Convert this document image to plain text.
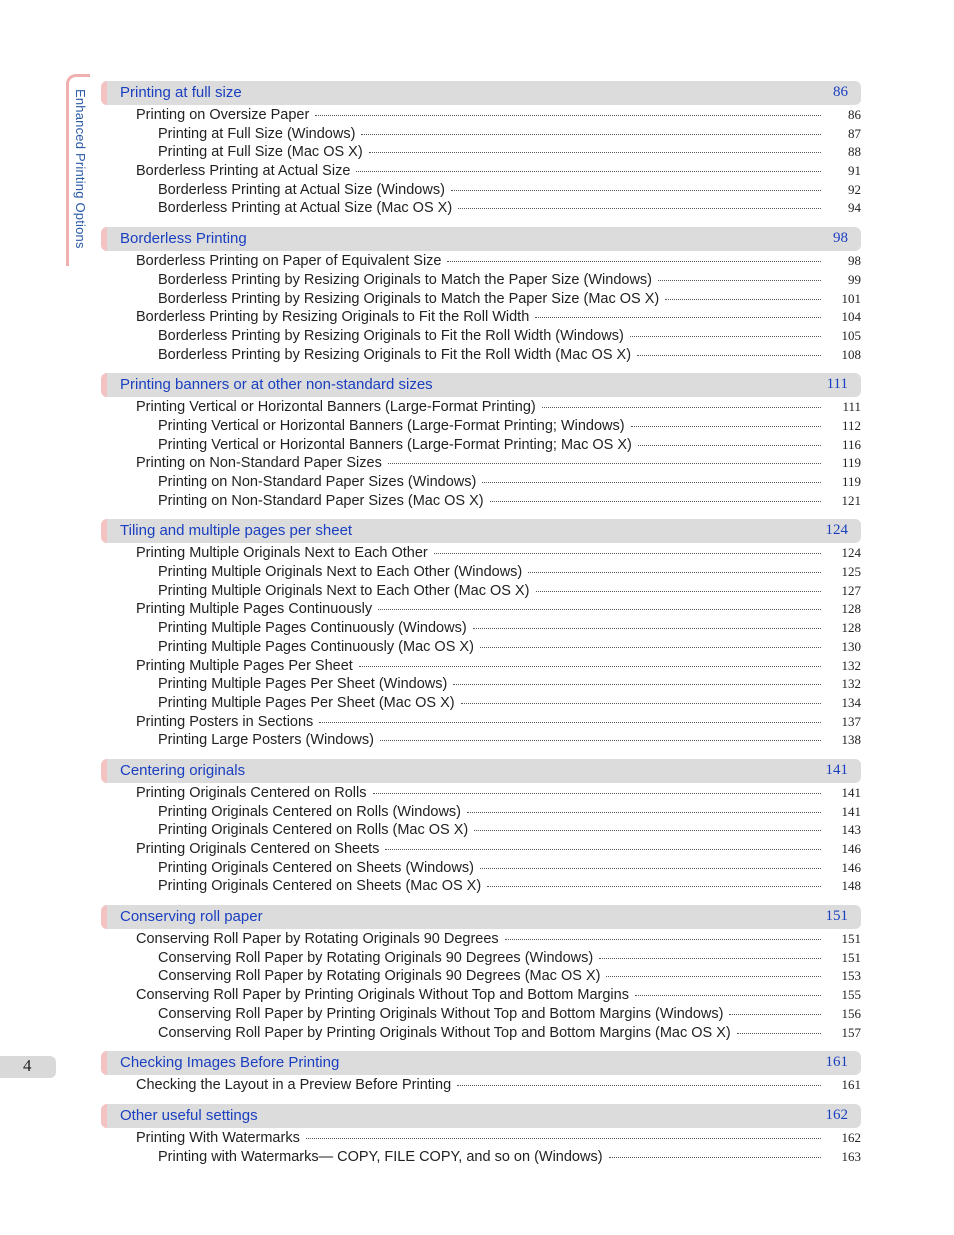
Enhanced Printing Options
4
Printing at full size	86
Printing on Oversize Paper	86
Printing at Full Size (Windows)	87
Printing at Full Size (Mac OS X)	88
Borderless Printing at Actual Size	91
Borderless Printing at Actual Size (Windows)	92
Borderless Printing at Actual Size (Mac OS X)	94
Borderless Printing	98
Borderless Printing on Paper of Equivalent Size	98
Borderless Printing by Resizing Originals to Match the Paper Size (Windows)	99
Borderless Printing by Resizing Originals to Match the Paper Size (Mac OS X)	101
Borderless Printing by Resizing Originals to Fit the Roll Width	104
Borderless Printing by Resizing Originals to Fit the Roll Width (Windows)	105
Borderless Printing by Resizing Originals to Fit the Roll Width (Mac OS X)	108
Printing banners or at other non-standard sizes	111
Printing Vertical or Horizontal Banners (Large-Format Printing)	111
Printing Vertical or Horizontal Banners (Large-Format Printing; Windows)	112
Printing Vertical or Horizontal Banners (Large-Format Printing; Mac OS X)	116
Printing on Non-Standard Paper Sizes	119
Printing on Non-Standard Paper Sizes (Windows)	119
Printing on Non-Standard Paper Sizes (Mac OS X)	121
Tiling and multiple pages per sheet	124
Printing Multiple Originals Next to Each Other	124
Printing Multiple Originals Next to Each Other (Windows)	125
Printing Multiple Originals Next to Each Other (Mac OS X)	127
Printing Multiple Pages Continuously	128
Printing Multiple Pages Continuously (Windows)	128
Printing Multiple Pages Continuously (Mac OS X)	130
Printing Multiple Pages Per Sheet	132
Printing Multiple Pages Per Sheet (Windows)	132
Printing Multiple Pages Per Sheet (Mac OS X)	134
Printing Posters in Sections	137
Printing Large Posters (Windows)	138
Centering originals	141
Printing Originals Centered on Rolls	141
Printing Originals Centered on Rolls (Windows)	141
Printing Originals Centered on Rolls (Mac OS X)	143
Printing Originals Centered on Sheets	146
Printing Originals Centered on Sheets (Windows)	146
Printing Originals Centered on Sheets (Mac OS X)	148
Conserving roll paper	151
Conserving Roll Paper by Rotating Originals 90 Degrees	151
Conserving Roll Paper by Rotating Originals 90 Degrees (Windows)	151
Conserving Roll Paper by Rotating Originals 90 Degrees (Mac OS X)	153
Conserving Roll Paper by Printing Originals Without Top and Bottom Margins	155
Conserving Roll Paper by Printing Originals Without Top and Bottom Margins (Windows)	156
Conserving Roll Paper by Printing Originals Without Top and Bottom Margins (Mac OS X)	157
Checking Images Before Printing	161
Checking the Layout in a Preview Before Printing	161
Other useful settings	162
Printing With Watermarks	162
Printing with Watermarks— COPY, FILE COPY, and so on (Windows)	163
